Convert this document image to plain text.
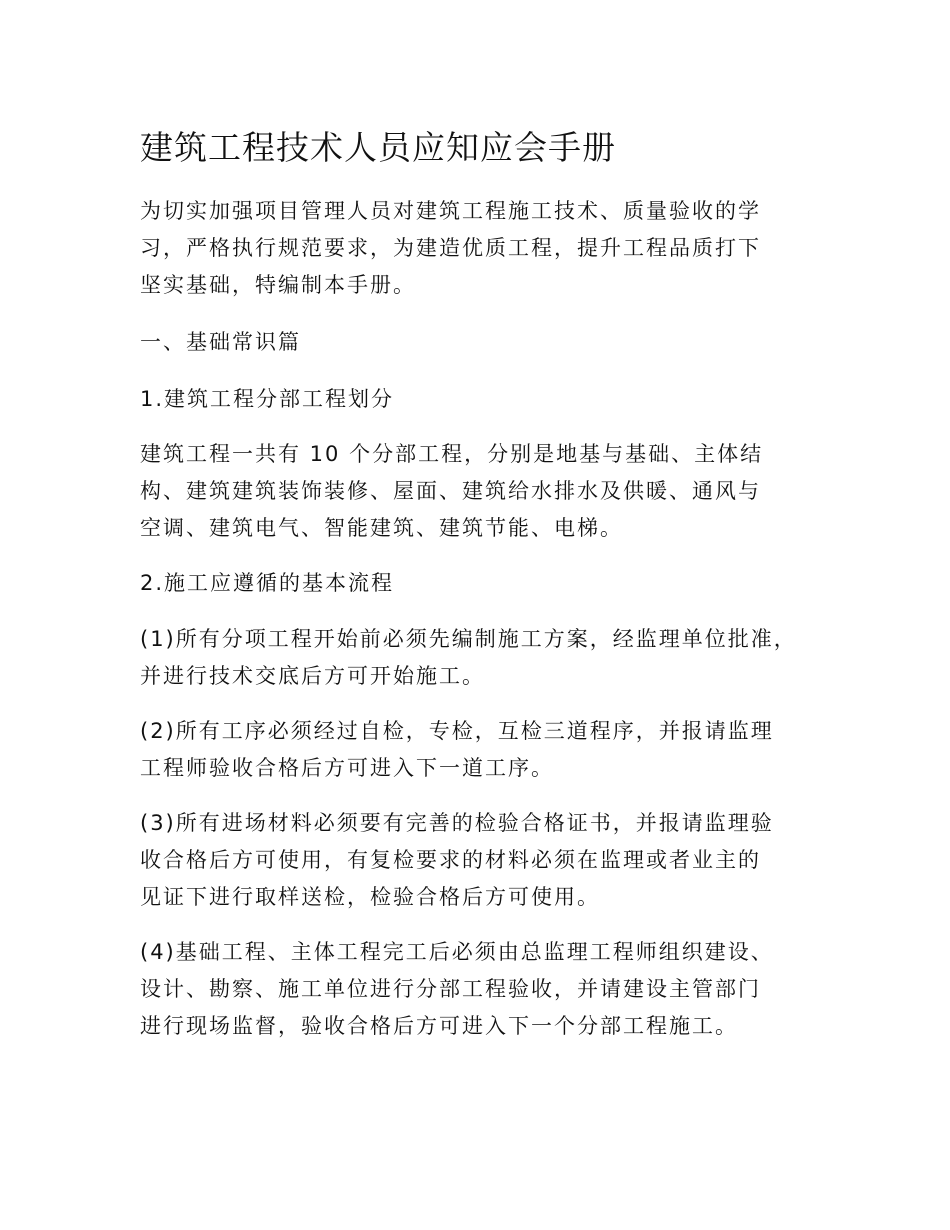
建筑工程技术人员应知应会手册

为切实加强项目管理人员对建筑工程施工技术、质量验收的学

习，严格执行规范要求，为建造优质工程，提升工程品质打下

坚实基础，特编制本手册。

一、基础常识篇

1.建筑工程分部工程划分

建筑工程一共有 10 个分部工程，分别是地基与基础、主体结

构、建筑建筑装饰装修、屋面、建筑给水排水及供暖、通风与

空调、建筑电气、智能建筑、建筑节能、电梯。

2.施工应遵循的基本流程

(1)所有分项工程开始前必须先编制施工方案，经监理单位批准，

并进行技术交底后方可开始施工。

(2)所有工序必须经过自检，专检，互检三道程序，并报请监理

工程师验收合格后方可进入下一道工序。

(3)所有进场材料必须要有完善的检验合格证书，并报请监理验

收合格后方可使用，有复检要求的材料必须在监理或者业主的

见证下进行取样送检，检验合格后方可使用。

(4)基础工程、主体工程完工后必须由总监理工程师组织建设、

设计、勘察、施工单位进行分部工程验收，并请建设主管部门

进行现场监督，验收合格后方可进入下一个分部工程施工。
